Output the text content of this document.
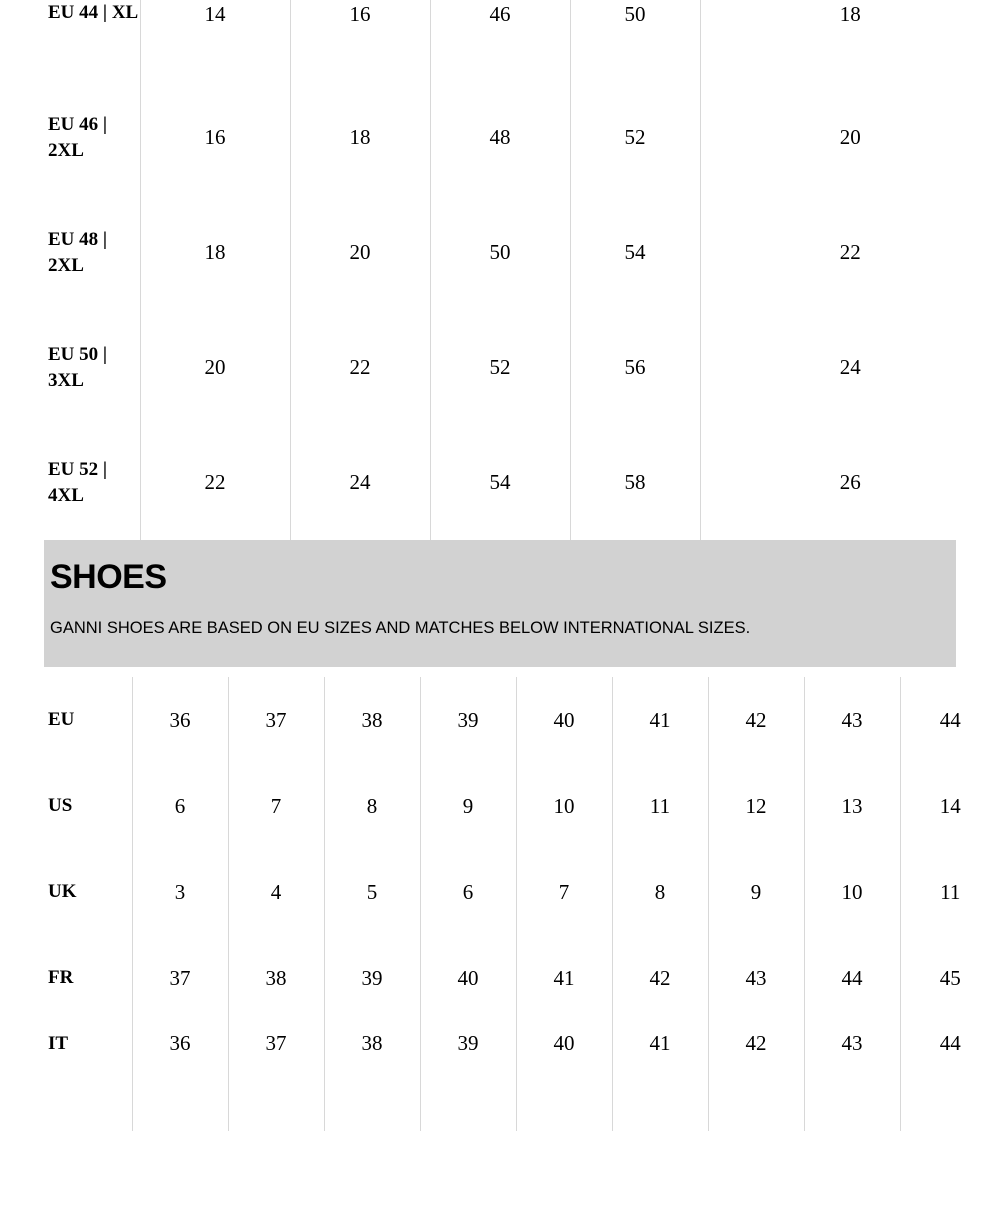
EU 44 | XL	14	16	46	50	18
EU 46 | 2XL	16	18	48	52	20
EU 48 | 2XL	18	20	50	54	22
EU 50 | 3XL	20	22	52	56	24
EU 52 | 4XL	22	24	54	58	26
SHOES
GANNI SHOES ARE BASED ON EU SIZES AND MATCHES BELOW INTERNATIONAL SIZES.
EU	36	37	38	39	40	41	42	43	44
US	6	7	8	9	10	11	12	13	14
UK	3	4	5	6	7	8	9	10	11
FR	37	38	39	40	41	42	43	44	45
IT	36	37	38	39	40	41	42	43	44
